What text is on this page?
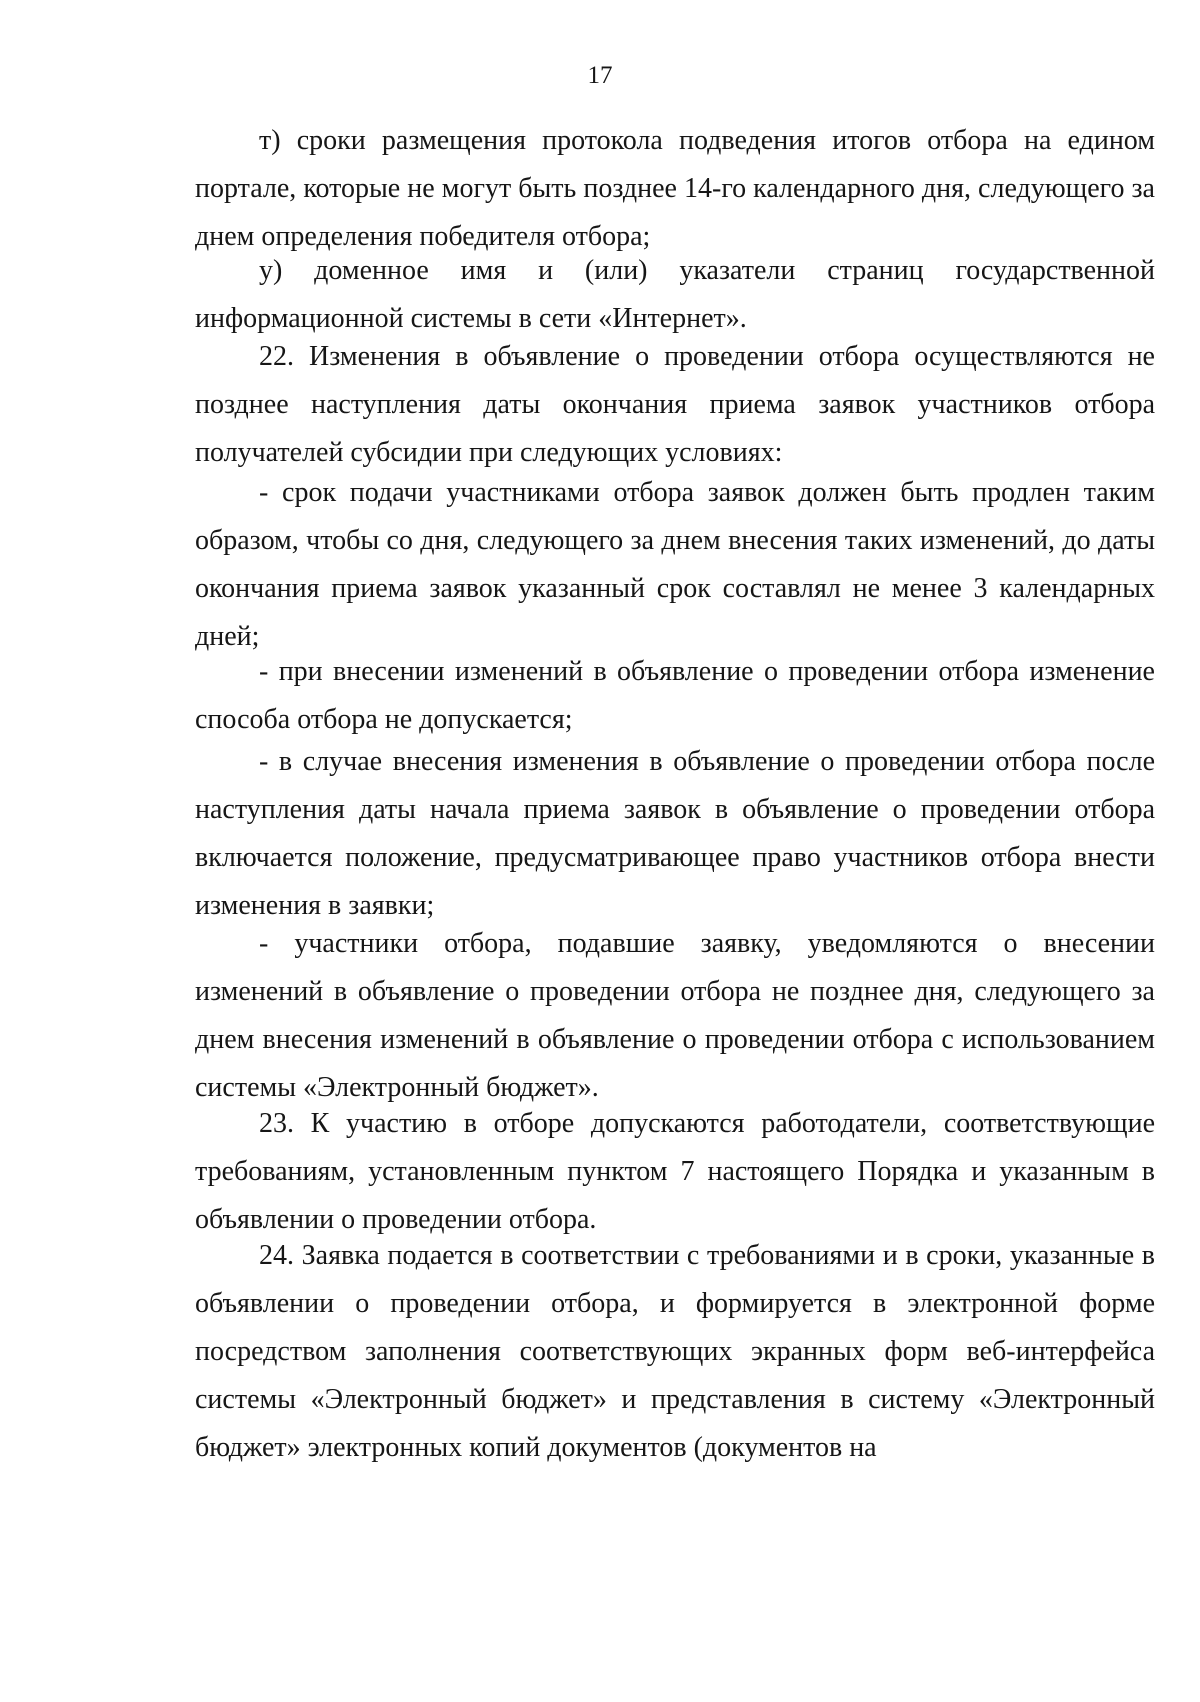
17

т) сроки размещения протокола подведения итогов отбора на едином портале, которые не могут быть позднее 14-го календарного дня, следующего за днем определения победителя отбора;

у) доменное имя и (или) указатели страниц государственной информационной системы в сети «Интернет».

22. Изменения в объявление о проведении отбора осуществляются не позднее наступления даты окончания приема заявок участников отбора получателей субсидии при следующих условиях:

- срок подачи участниками отбора заявок должен быть продлен таким образом, чтобы со дня, следующего за днем внесения таких изменений, до даты окончания приема заявок указанный срок составлял не менее 3 календарных дней;

- при внесении изменений в объявление о проведении отбора изменение способа отбора не допускается;

- в случае внесения изменения в объявление о проведении отбора после наступления даты начала приема заявок в объявление о проведении отбора включается положение, предусматривающее право участников отбора внести изменения в заявки;

- участники отбора, подавшие заявку, уведомляются о внесении изменений в объявление о проведении отбора не позднее дня, следующего за днем внесения изменений в объявление о проведении отбора с использованием системы «Электронный бюджет».

23. К участию в отборе допускаются работодатели, соответствующие требованиям, установленным пунктом 7 настоящего Порядка и указанным в объявлении о проведении отбора.

24. Заявка подается в соответствии с требованиями и в сроки, указанные в объявлении о проведении отбора, и формируется в электронной форме посредством заполнения соответствующих экранных форм веб-интерфейса системы «Электронный бюджет» и представления в систему «Электронный бюджет» электронных копий документов (документов на
